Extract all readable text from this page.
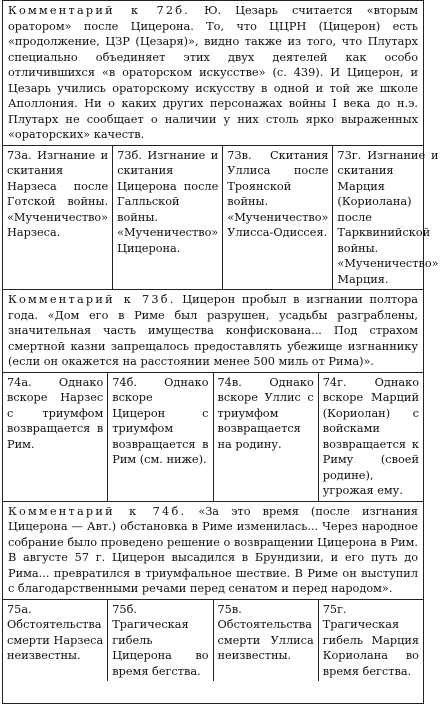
Комментарий к 72б. Ю. Цезарь считается «вторым оратором» после Цицерона. То, что ЦЦРН (Цицерон) есть «продолжение, ЦЗР (Цезаря)», видно также из того, что Плутарх специально объединяет этих двух деятелей как особо отличившихся «в ораторском искусстве» (с. 439). И Цицерон, и Цезарь учились ораторскому искусству в одной и той же школе Аполлония. Ни о каких других персонажах войны I века до н.э. Плутарх не сообщает о наличии у них столь ярко выраженных «ораторских» качеств.
73а. Изгнание и скитания Нарзеса после Готской войны. «Мученичество» Нарзеса.
73б. Изгнание и скитания Цицерона после Галльской войны. «Мученичество» Цицерона.
73в. Скитания Уллиса после Троянской войны. «Мученичество» Улисса-Одиссея.
73г. Изгнание и скитания Марция (Кориолана) после Тарквинийской войны. «Мученичество» Марция.
Комментарий к 73б. Цицерон пробыл в изгнании полтора года. «Дом его в Риме был разрушен, усадьбы разграблены, значительная часть имущества конфискована... Под страхом смертной казни запрещалось предоставлять убежище изгнаннику (если он окажется на расстоянии менее 500 миль от Рима)».
74а. Однако вскоре Нарзес с триумфом возвращается в Рим.
74б. Однако вскоре Цицерон с триумфом возвращается в Рим (см. ниже).
74в. Однако вскоре Уллис с триумфом возвращается на родину.
74г. Однако вскоре Марций (Кориолан) с войсками возвращается к Риму (своей родине), угрожая ему.
Комментарий к 74б. «За это время (после изгнания Цицерона — Авт.) обстановка в Риме изменилась... Через народное собрание было проведено решение о возвращении Цицерона в Рим. В августе 57 г. Цицерон высадился в Брундизии, и его путь до Рима... превратился в триумфальное шествие. В Риме он выступил с благодарственными речами перед сенатом и перед народом».
75а. Обстоятельства смерти Нарзеса неизвестны.
75б. Трагическая гибель Цицерона во время бегства.
75в. Обстоятельства смерти Уллиса неизвестны.
75г. Трагическая гибель Марция Кориолана во время бегства.
